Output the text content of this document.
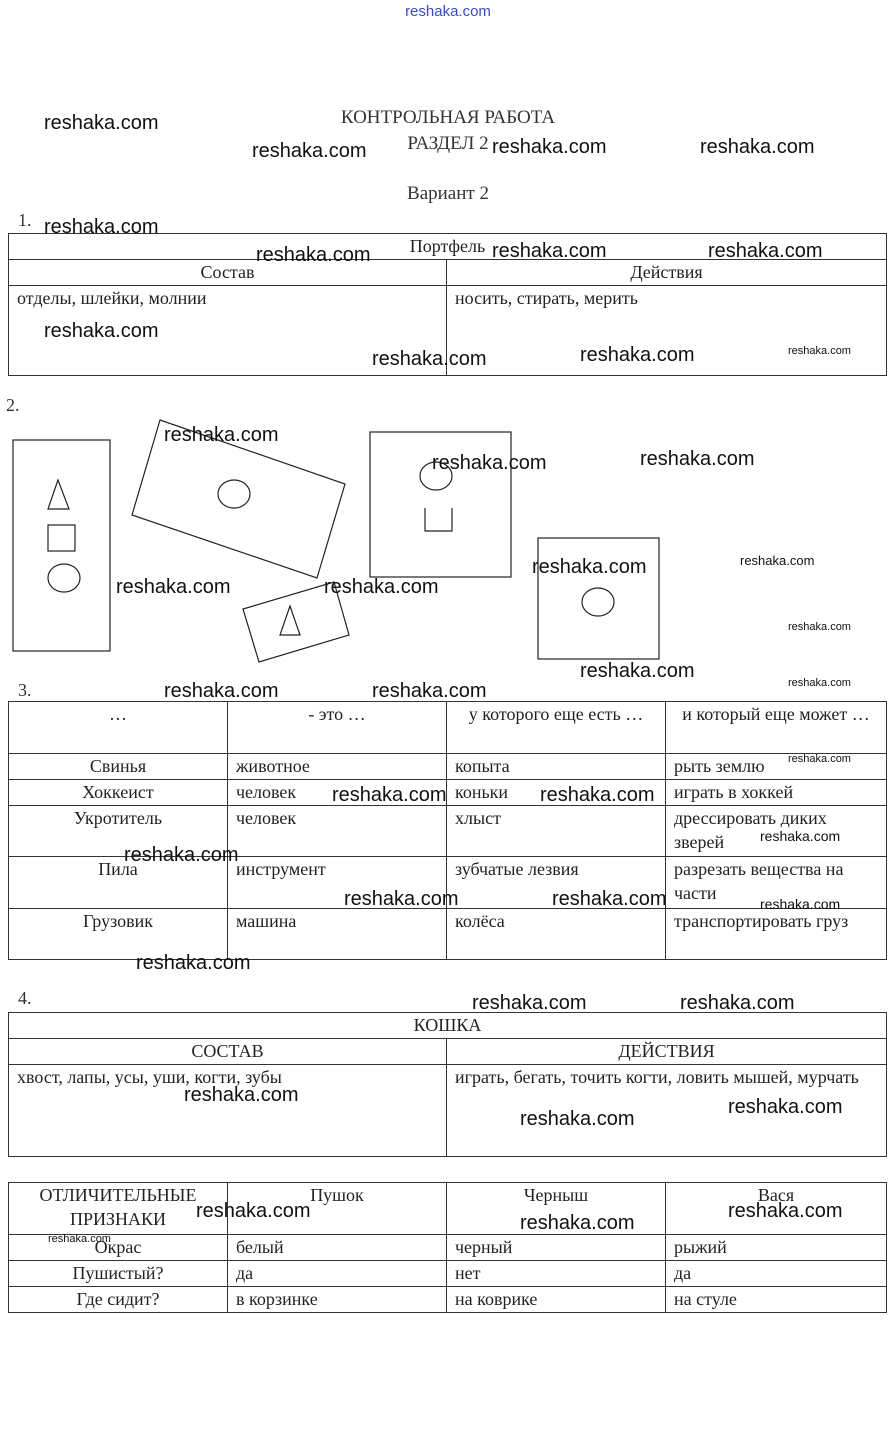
reshaka.com
КОНТРОЛЬНАЯ РАБОТА
РАЗДЕЛ 2
Вариант 2
1.
Портфель	
Состав	Действия
отделы, шлейки, молнии	носить, стирать, мерить
2.
3.
…	- это …	у которого еще есть …	и который еще может …
Свинья	животное	копыта	рыть землю
Хоккеист	человек	коньки	играть в хоккей
Укротитель	человек	хлыст	дрессировать диких зверей
Пила	инструмент	зубчатые лезвия	разрезать вещества на части
Грузовик	машина	колёса	транспортировать груз
4.
КОШКА	
СОСТАВ	ДЕЙСТВИЯ
хвост, лапы, усы, уши, когти, зубы	играть, бегать, точить когти, ловить мышей, мурчать
ОТЛИЧИТЕЛЬНЫЕ ПРИЗНАКИ	Пушок	Черныш	Вася
Окрас	белый	черный	рыжий
Пушистый?	да	нет	да
Где сидит?	в корзинке	на коврике	на стуле
reshaka.com
reshaka.com	reshaka.com	reshaka.com
reshaka.com
reshaka.com	reshaka.com	reshaka.com
reshaka.com
reshaka.com	reshaka.com	reshaka.com
reshaka.com
reshaka.com	reshaka.com
reshaka.com
reshaka.com	reshaka.com
reshaka.com
reshaka.com
reshaka.com
reshaka.com
reshaka.com	reshaka.com
reshaka.com
reshaka.com	reshaka.com
reshaka.com
reshaka.com
reshaka.com
reshaka.com	reshaka.com
reshaka.com
reshaka.com	reshaka.com
reshaka.com
reshaka.com
reshaka.com
reshaka.com	reshaka.com
reshaka.com
reshaka.com
